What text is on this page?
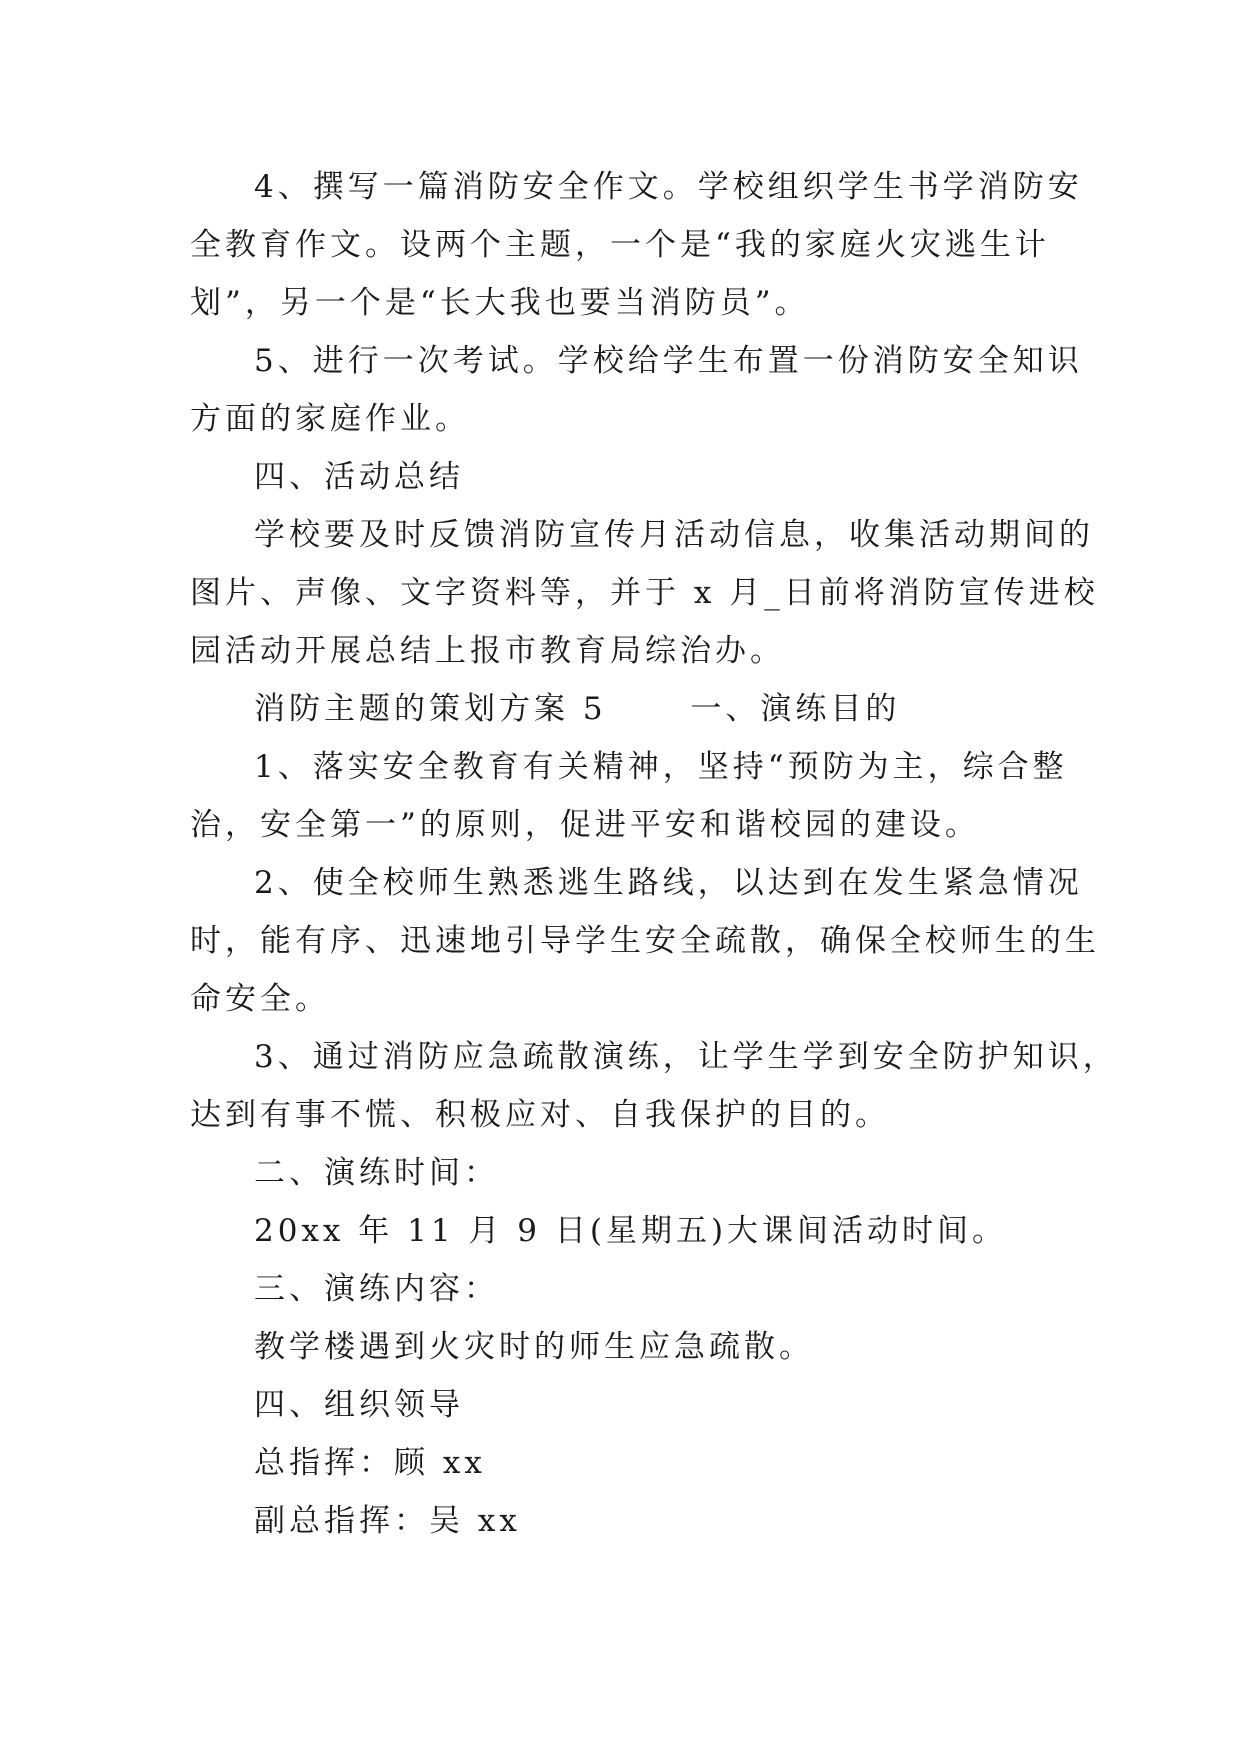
4、撰写一篇消防安全作文。学校组织学生书学消防安
全教育作文。设两个主题，一个是“我的家庭火灾逃生计
划”，另一个是“长大我也要当消防员”。
5、进行一次考试。学校给学生布置一份消防安全知识
方面的家庭作业。
四、活动总结
学校要及时反馈消防宣传月活动信息，收集活动期间的
图片、声像、文字资料等，并于 x 月_日前将消防宣传进校
园活动开展总结上报市教育局综治办。
消防主题的策划方案 5　　 一、演练目的
1、落实安全教育有关精神，坚持“预防为主，综合整
治，安全第一”的原则，促进平安和谐校园的建设。
2、使全校师生熟悉逃生路线，以达到在发生紧急情况
时，能有序、迅速地引导学生安全疏散，确保全校师生的生
命安全。
3、通过消防应急疏散演练，让学生学到安全防护知识，
达到有事不慌、积极应对、自我保护的目的。
二、演练时间：
20xx 年 11 月 9 日(星期五)大课间活动时间。
三、演练内容：
教学楼遇到火灾时的师生应急疏散。
四、组织领导
总指挥：顾 xx
副总指挥：吴 xx
